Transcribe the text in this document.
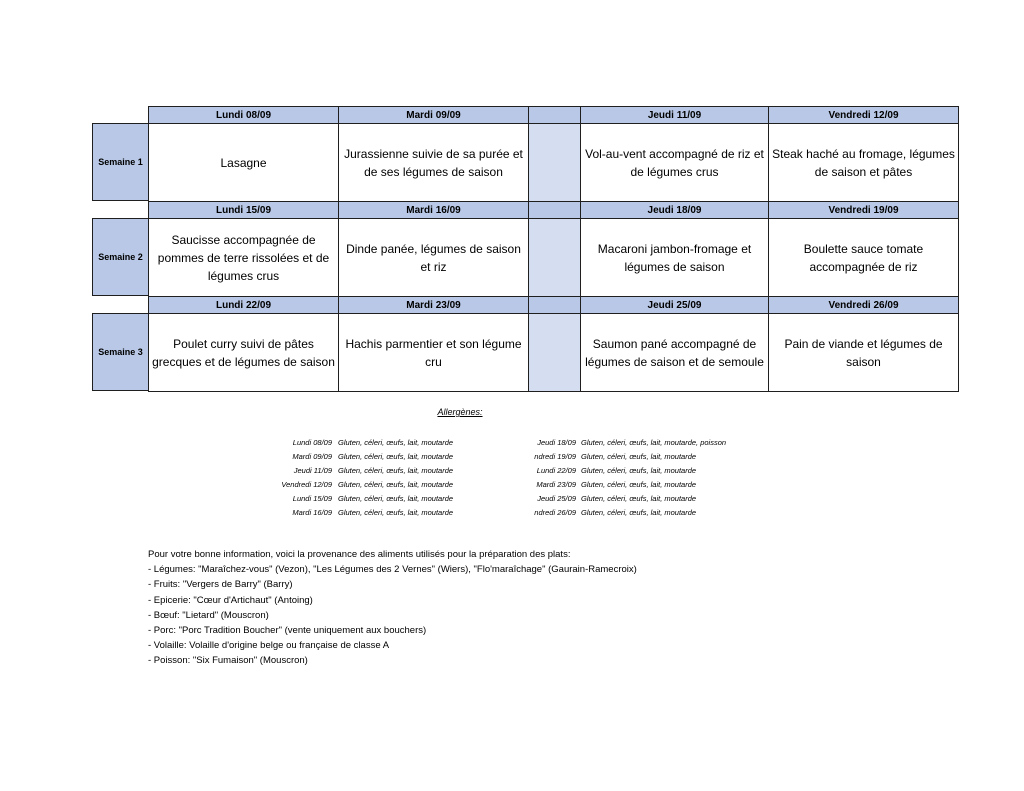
Semaine 1
Lundi 08/09
Lasagne
Mardi 09/09
Jurassienne suivie de sa purée et de ses légumes de saison
Jeudi 11/09
Vol-au-vent accompagné de riz et de légumes crus
Vendredi 12/09
Steak haché au fromage, légumes de saison et pâtes
Semaine 2
Lundi 15/09
Saucisse accompagnée de pommes de terre rissolées et de légumes crus
Mardi 16/09
Dinde panée, légumes de saison et riz
Jeudi 18/09
Macaroni jambon-fromage et légumes de saison
Vendredi 19/09
Boulette sauce tomate accompagnée de riz
Semaine 3
Lundi 22/09
Poulet curry suivi de pâtes grecques et de légumes de saison
Mardi 23/09
Hachis parmentier et son légume cru
Jeudi 25/09
Saumon pané accompagné de légumes de saison et de semoule
Vendredi 26/09
Pain de viande et légumes de saison
Allergènes:
Lundi 08/09 Gluten, céleri, œufs, lait, moutarde
Mardi 09/09 Gluten, céleri, œufs, lait, moutarde
Jeudi 11/09 Gluten, céleri, œufs, lait, moutarde
Vendredi 12/09 Gluten, céleri, œufs, lait, moutarde
Lundi 15/09 Gluten, céleri, œufs, lait, moutarde
Mardi 16/09 Gluten, céleri, œufs, lait, moutarde
Jeudi 18/09 Gluten, céleri, œufs, lait, moutarde, poisson
ndredi 19/09 Gluten, céleri, œufs, lait, moutarde
Lundi 22/09 Gluten, céleri, œufs, lait, moutarde
Mardi 23/09 Gluten, céleri, œufs, lait, moutarde
Jeudi 25/09 Gluten, céleri, œufs, lait, moutarde
ndredi 26/09 Gluten, céleri, œufs, lait, moutarde
Pour votre bonne information, voici la provenance des aliments utilisés pour la préparation des plats:
- Légumes: "Maraîchez-vous" (Vezon), "Les Légumes des 2 Vernes" (Wiers), "Flo'maraîchage" (Gaurain-Ramecroix)
- Fruits: "Vergers de Barry" (Barry)
- Epicerie: "Cœur d'Artichaut" (Antoing)
- Bœuf: "Lietard" (Mouscron)
- Porc: "Porc Tradition Boucher" (vente uniquement aux bouchers)
- Volaille: Volaille d'origine belge ou française de classe A
- Poisson: "Six Fumaison" (Mouscron)
